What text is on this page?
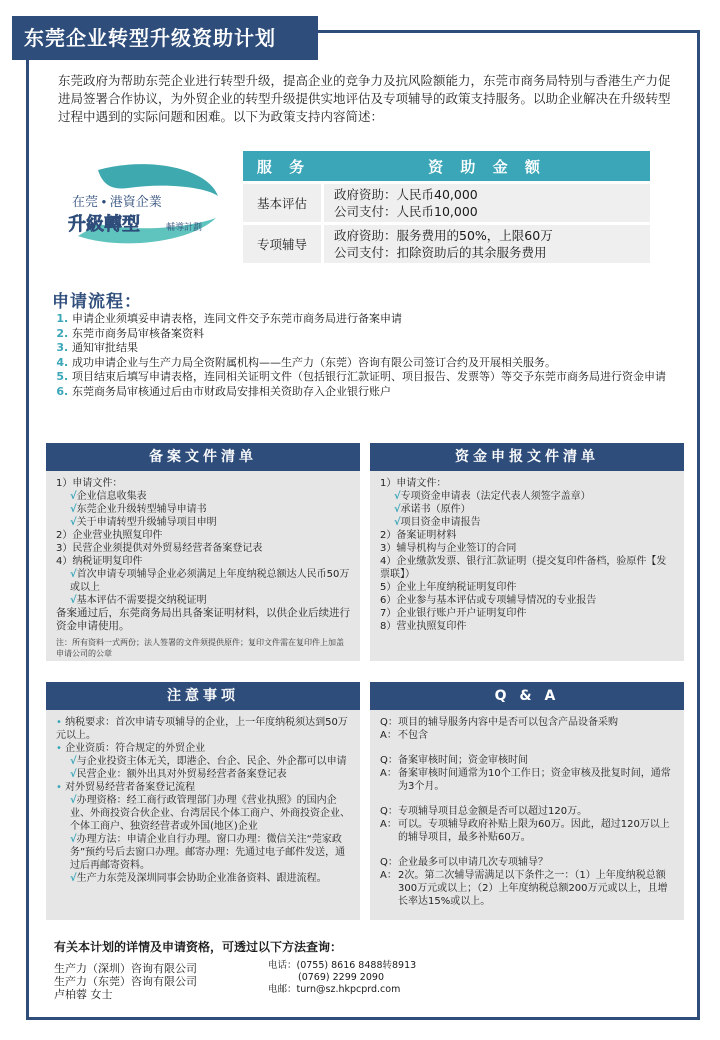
东莞企业转型升级资助计划
东莞政府为帮助东莞企业进行转型升级，提高企业的竞争力及抗风险额能力，东莞市商务局特别与香港生产力促进局签署合作协议，为外贸企业的转型升级提供实地评估及专项辅导的政策支持服务。以助企业解决在升级转型过程中遇到的实际问题和困难。以下为政策支持内容简述：
在莞 • 港資企業
升級轉型	輔導計劃
服 务	资 助 金 额
基本评估	政府资助：人民币40,000
公司支付：人民币10,000

专项辅导	政府资助：服务费用的50%，上限60万
公司支付：扣除资助后的其余服务费用
申请流程：
1. 申请企业须填妥申请表格，连同文件交予东莞市商务局进行备案申请
2. 东莞市商务局审核备案资料
3. 通知审批结果
4. 成功申请企业与生产力局全资附属机构——生产力（东莞）咨询有限公司签订合约及开展相关服务。
5. 项目结束后填写申请表格，连同相关证明文件（包括银行汇款证明、项目报告、发票等）等交予东莞市商务局进行资金申请
6. 东莞商务局审核通过后由市财政局安排相关资助存入企业银行账户
备案文件清单
1）申请文件：
√企业信息收集表
√东莞企业升级转型辅导申请书
√关于申请转型升级辅导项目申明
2）企业营业执照复印件
3）民营企业须提供对外贸易经营者备案登记表
4）纳税证明复印件
√首次申请专项辅导企业必须满足上年度纳税总额达人民币50万或以上
√基本评估不需要提交纳税证明
备案通过后，东莞商务局出具备案证明材料，以供企业后续进行资金申请使用。
注：所有资料一式两份；法人签署的文件须提供原件；复印文件需在复印件上加盖申请公司的公章
资金申报文件清单
1）申请文件：
√专项资金申请表（法定代表人须签字盖章）
√承诺书（原件）
√项目资金申请报告
2）备案证明材料
3）辅导机构与企业签订的合同
4）企业缴款发票、银行汇款证明（提交复印件备档，验原件【发票联】）
5）企业上年度纳税证明复印件
6）企业参与基本评估或专项辅导情况的专业报告
7）企业银行账户开户证明复印件
8）营业执照复印件
注意事项
• 纳税要求：首次申请专项辅导的企业，上一年度纳税须达到50万元以上。
• 企业资质：符合规定的外贸企业
√与企业投资主体无关，即港企、台企、民企、外企都可以申请
√民营企业：额外出具对外贸易经营者备案登记表
• 对外贸易经营者备案登记流程
√办理资格：经工商行政管理部门办理《营业执照》的国内企业、外商投资合伙企业、台湾居民个体工商户、外商投资企业、个体工商户、独资经营者或外国(地区)企业
√办理方法：申请企业自行办理。窗口办理：微信关注“莞家政务”预约号后去窗口办理。邮寄办理：先通过电子邮件发送，通过后再邮寄资料。
√生产力东莞及深圳同事会协助企业准备资料、跟进流程。
Q & A
Q： 项目的辅导服务内容中是否可以包含产品设备采购
A： 不包含
Q： 备案审核时间；资金审核时间
A： 备案审核时间通常为10个工作日；资金审核及批复时间，通常为3个月。
Q： 专项辅导项目总金额是否可以超过120万。
A： 可以。专项辅导政府补贴上限为60万。因此，超过120万以上的辅导项目，最多补贴60万。
Q： 企业最多可以申请几次专项辅导？
A： 2次。第二次辅导需满足以下条件之一：（1）上年度纳税总额300万元或以上；（2）上年度纳税总额200万元或以上，且增长率达15%或以上。
有关本计划的详情及申请资格，可透过以下方法查询：
生产力（深圳）咨询有限公司
生产力（东莞）咨询有限公司
卢柏蓉 女士
电话：(0755) 8616 8488转8913
(0769) 2299 2090
电邮：turn@sz.hkpcprd.com
